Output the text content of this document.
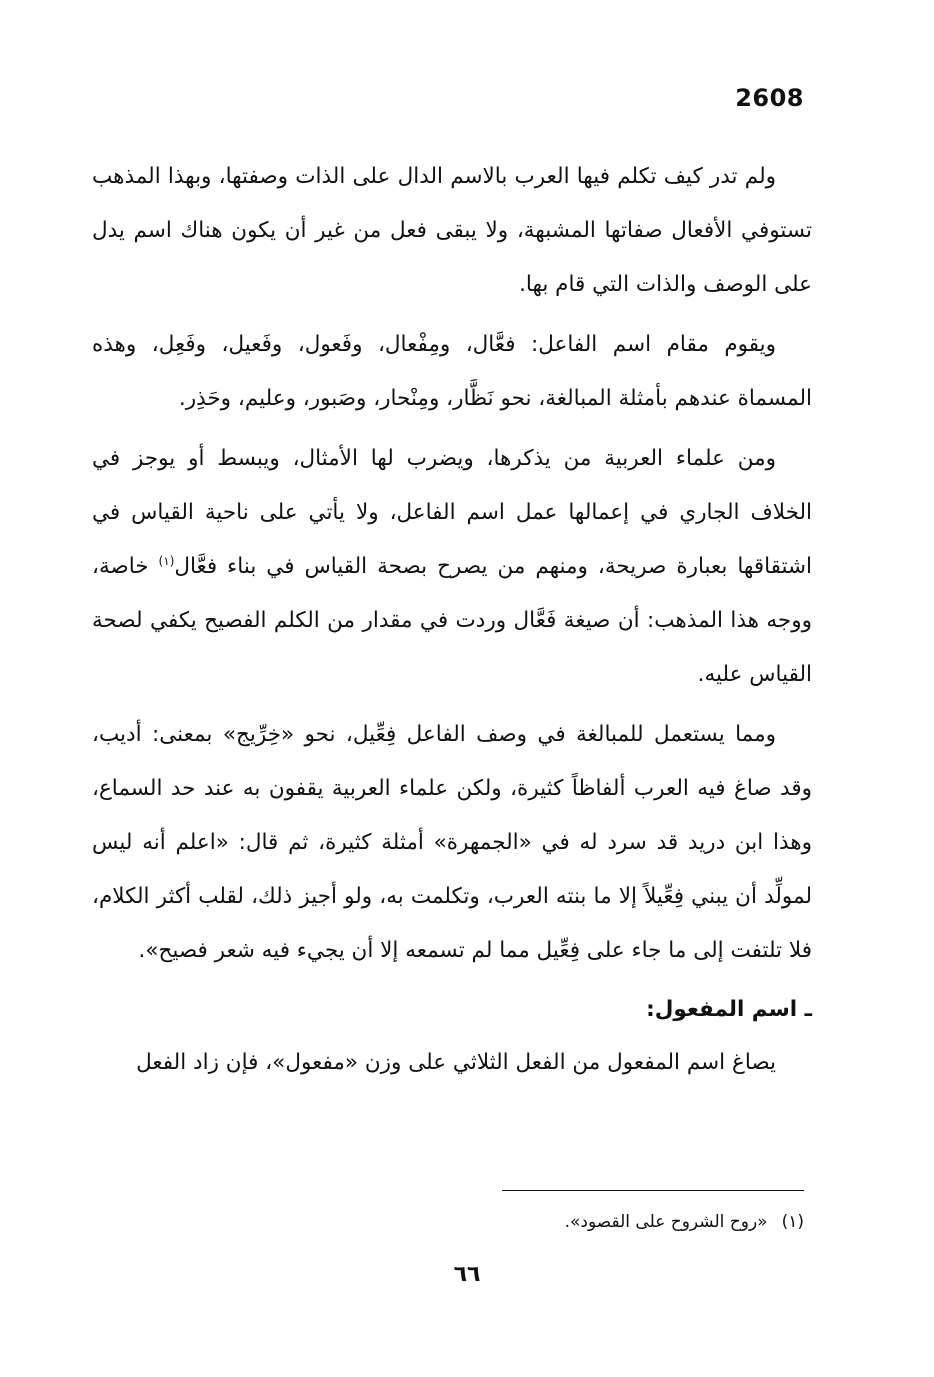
2608

ولم تدر كيف تكلم فيها العرب بالاسم الدال على الذات وصفتها، وبهذا المذهب تستوفي الأفعال صفاتها المشبهة، ولا يبقى فعل من غير أن يكون هناك اسم يدل على الوصف والذات التي قام بها.

ويقوم مقام اسم الفاعل: فعَّال، ومِفْعال، وفَعول، وفَعيل، وفَعِل، وهذه المسماة عندهم بأمثلة المبالغة، نحو نَظَّار، ومِنْحار، وصَبور، وعليم، وحَذِر.

ومن علماء العربية من يذكرها، ويضرب لها الأمثال، ويبسط أو يوجز في الخلاف الجاري في إعمالها عمل اسم الفاعل، ولا يأتي على ناحية القياس في اشتقاقها بعبارة صريحة، ومنهم من يصرح بصحة القياس في بناء فعَّال$^{(١)}$ خاصة، ووجه هذا المذهب: أن صيغة فَعَّال وردت في مقدار من الكلم الفصيح يكفي لصحة القياس عليه.

ومما يستعمل للمبالغة في وصف الفاعل فِعِّيل، نحو «خِرِّيج» بمعنى: أديب، وقد صاغ فيه العرب ألفاظاً كثيرة، ولكن علماء العربية يقفون به عند حد السماع، وهذا ابن دريد قد سرد له في «الجمهرة» أمثلة كثيرة، ثم قال: «اعلم أنه ليس لمولِّد أن يبني فِعِّيلاً إلا ما بنته العرب، وتكلمت به، ولو أجيز ذلك، لقلب أكثر الكلام، فلا تلتفت إلى ما جاء على فِعِّيل مما لم تسمعه إلا أن يجيء فيه شعر فصيح».

ـ اسم المفعول:

يصاغ اسم المفعول من الفعل الثلاثي على وزن «مفعول»، فإن زاد الفعل

(١)«روح الشروح على القصود».
٦٦
